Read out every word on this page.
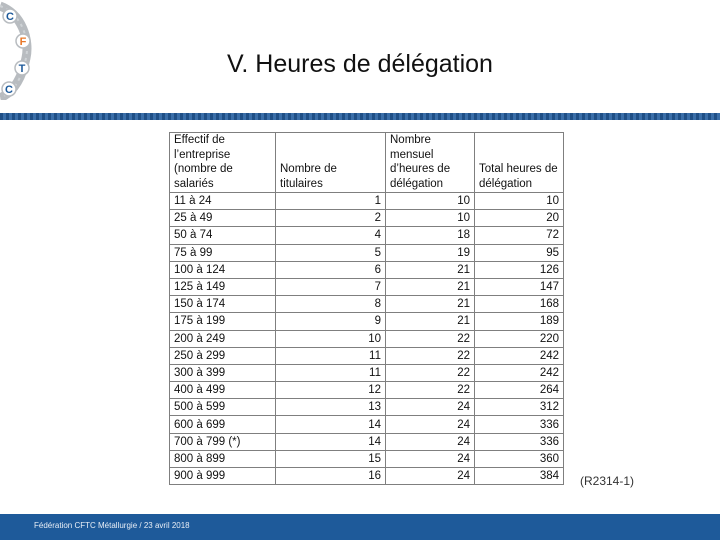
C
F
T
C
V. Heures de délégation
Effectif de l’entreprise (nombre de salariés	Nombre de titulaires	Nombre mensuel d’heures de délégation	Total heures de délégation
11 à 24	1	10	10
25 à 49	2	10	20
50 à 74	4	18	72
75 à 99	5	19	95
100 à 124	6	21	126
125 à 149	7	21	147
150 à 174	8	21	168
175 à 199	9	21	189
200 à 249	10	22	220
250 à 299	11	22	242
300 à 399	11	22	242
400 à 499	12	22	264
500 à 599	13	24	312
600 à 699	14	24	336
700 à 799 (*)	14	24	336
800 à 899	15	24	360
900 à 999	16	24	384 (R2314-1)
Fédération CFTC Métallurgie / 23 avril 2018
